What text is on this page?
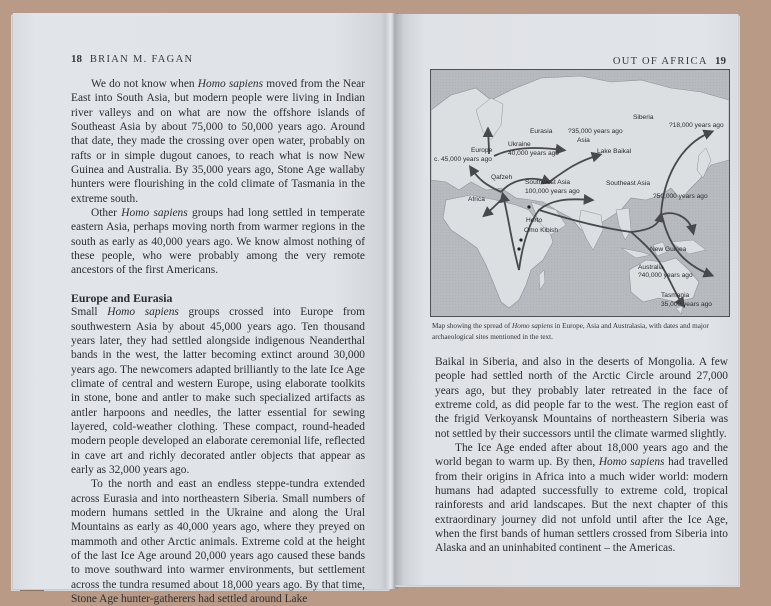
18 BRIAN M. FAGAN

We do not know when Homo sapiens moved from the Near East into South Asia, but modern people were living in Indian river valleys and on what are now the offshore islands of Southeast Asia by about 75,000 to 50,000 years ago. Around that date, they made the crossing over open water, probably on rafts or in simple dugout canoes, to reach what is now New Guinea and Australia. By 35,000 years ago, Stone Age wallaby hunters were flourishing in the cold climate of Tasmania in the extreme south.

Other Homo sapiens groups had long settled in temperate eastern Asia, perhaps moving north from warmer regions in the south as early as 40,000 years ago. We know almost nothing of these people, who were probably among the very remote ancestors of the first Americans.

Europe and Eurasia

Small Homo sapiens groups crossed into Europe from southwestern Asia by about 45,000 years ago. Ten thousand years later, they had settled alongside indigenous Neanderthal bands in the west, the latter becoming extinct around 30,000 years ago. The newcomers adapted brilliantly to the late Ice Age climate of central and western Europe, using elaborate toolkits in stone, bone and antler to make such specialized artifacts as antler harpoons and needles, the latter essential for sewing layered, cold-weather clothing. These compact, round-headed modern people developed an elaborate ceremonial life, reflected in cave art and richly decorated antler objects that appear as early as 32,000 years ago.

To the north and east an endless steppe-tundra extended across Eurasia and into northeastern Siberia. Small numbers of modern humans settled in the Ukraine and along the Ural Mountains as early as 40,000 years ago, where they preyed on mammoth and other Arctic animals. Extreme cold at the height of the last Ice Age around 20,000 years ago caused these bands to move southward into warmer environments, but settlement across the tundra resumed about 18,000 years ago. By that time, Stone Age hunter-gatherers had settled around Lake

OUT OF AFRICA 19
Siberia
Eurasia ?35,000 years ago
Asia
Lake Baikal
?18,000 years ago
Europe
c. 45,000 years ago
Ukraine
40,000 years ago
Qafzeh
Southwest Asia
100,000 years ago
Southeast Asia
?50,000 years ago
Africa
Herto
Omo Kibish
New Guinea
Australia
?40,000 years ago
Tasmania
35,000 years ago
Map showing the spread of Homo sapiens in Europe, Asia and Australasia, with dates and major archaeological sites mentioned in the text.

Baikal in Siberia, and also in the deserts of Mongolia. A few people had settled north of the Arctic Circle around 27,000 years ago, but they probably later retreated in the face of extreme cold, as did people far to the west. The region east of the frigid Verkoyansk Mountains of northeastern Siberia was not settled by their successors until the climate warmed slightly.

The Ice Age ended after about 18,000 years ago and the world began to warm up. By then, Homo sapiens had travelled from their origins in Africa into a much wider world: modern humans had adapted successfully to extreme cold, tropical rainforests and arid landscapes. But the next chapter of this extraordinary journey did not unfold until after the Ice Age, when the first bands of human settlers crossed from Siberia into Alaska and an uninhabited continent – the Americas.
